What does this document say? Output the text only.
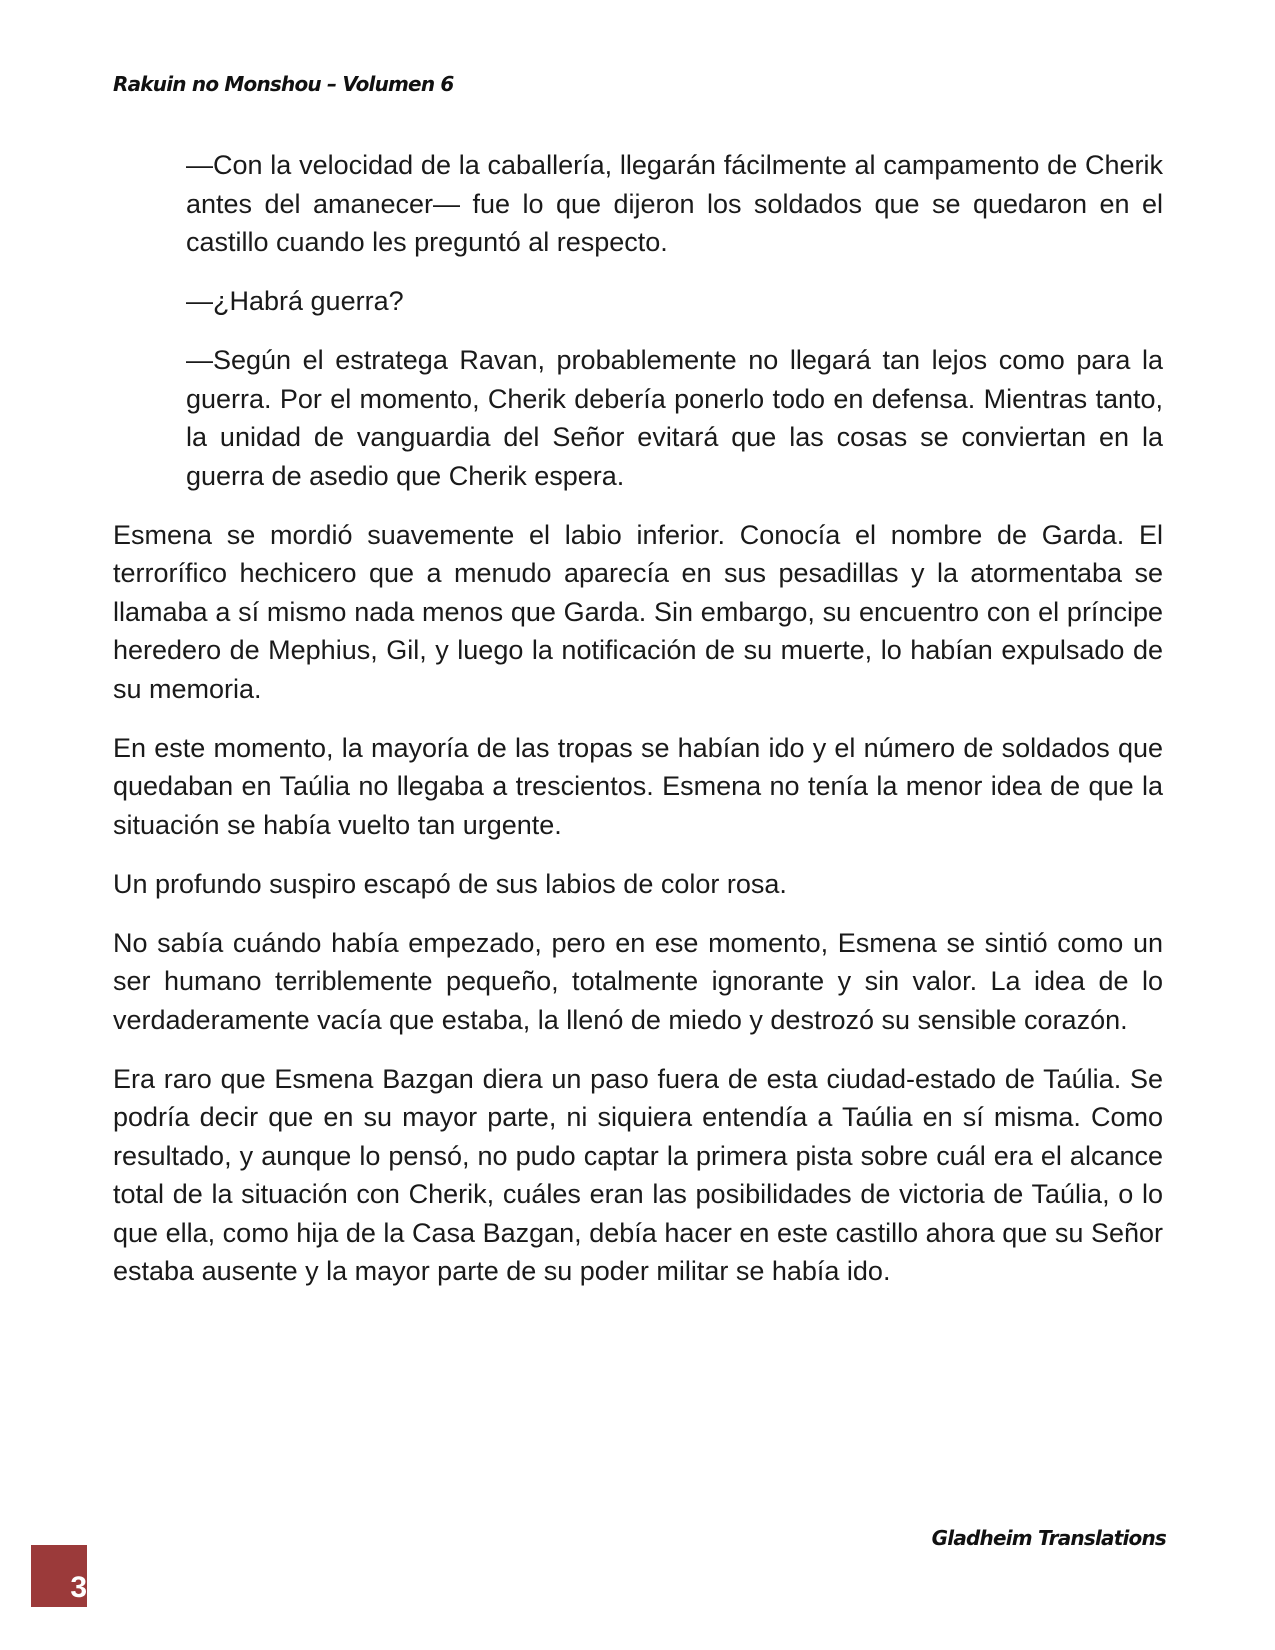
Rakuin no Monshou – Volumen 6

—Con la velocidad de la caballería, llegarán fácilmente al campamento de Cherik antes del amanecer— fue lo que dijeron los soldados que se quedaron en el castillo cuando les preguntó al respecto.

—¿Habrá guerra?

—Según el estratega Ravan, probablemente no llegará tan lejos como para la guerra. Por el momento, Cherik debería ponerlo todo en defensa. Mientras tanto, la unidad de vanguardia del Señor evitará que las cosas se conviertan en la guerra de asedio que Cherik espera.

Esmena se mordió suavemente el labio inferior. Conocía el nombre de Garda. El terrorífico hechicero que a menudo aparecía en sus pesadillas y la atormentaba se llamaba a sí mismo nada menos que Garda. Sin embargo, su encuentro con el príncipe heredero de Mephius, Gil, y luego la notificación de su muerte, lo habían expulsado de su memoria.

En este momento, la mayoría de las tropas se habían ido y el número de soldados que quedaban en Taúlia no llegaba a trescientos. Esmena no tenía la menor idea de que la situación se había vuelto tan urgente.

Un profundo suspiro escapó de sus labios de color rosa.

No sabía cuándo había empezado, pero en ese momento, Esmena se sintió como un ser humano terriblemente pequeño, totalmente ignorante y sin valor. La idea de lo verdaderamente vacía que estaba, la llenó de miedo y destrozó su sensible corazón.

Era raro que Esmena Bazgan diera un paso fuera de esta ciudad-estado de Taúlia. Se podría decir que en su mayor parte, ni siquiera entendía a Taúlia en sí misma. Como resultado, y aunque lo pensó, no pudo captar la primera pista sobre cuál era el alcance total de la situación con Cherik, cuáles eran las posibilidades de victoria de Taúlia, o lo que ella, como hija de la Casa Bazgan, debía hacer en este castillo ahora que su Señor estaba ausente y la mayor parte de su poder militar se había ido.

Gladheim Translations
3
